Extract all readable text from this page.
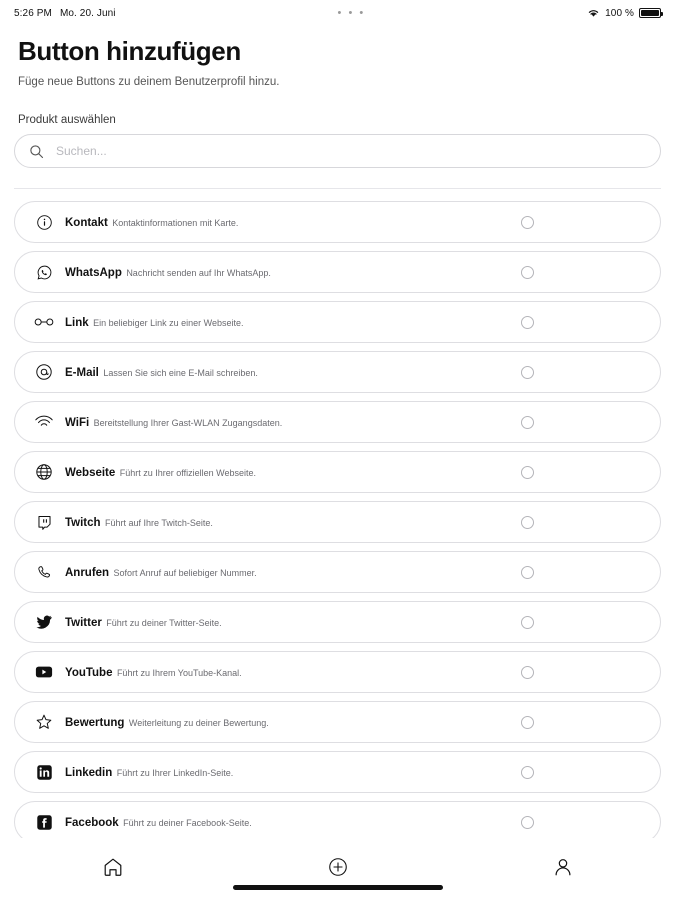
5:26 PM Mo. 20. Juni	• • •	100 %
Button hinzufügen
Füge neue Buttons zu deinem Benutzerprofil hinzu.
Produkt auswählen
Suchen...
Kontakt Kontaktinformationen mit Karte.
WhatsApp Nachricht senden auf Ihr WhatsApp.
Link Ein beliebiger Link zu einer Webseite.
E-Mail Lassen Sie sich eine E-Mail schreiben.
WiFi Bereitstellung Ihrer Gast-WLAN Zugangsdaten.
Webseite Führt zu Ihrer offiziellen Webseite.
Twitch Führt auf Ihre Twitch-Seite.
Anrufen Sofort Anruf auf beliebiger Nummer.
Twitter Führt zu deiner Twitter-Seite.
YouTube Führt zu Ihrem YouTube-Kanal.
Bewertung Weiterleitung zu deiner Bewertung.
Linkedin Führt zu Ihrer LinkedIn-Seite.
Facebook Führt zu deiner Facebook-Seite.
